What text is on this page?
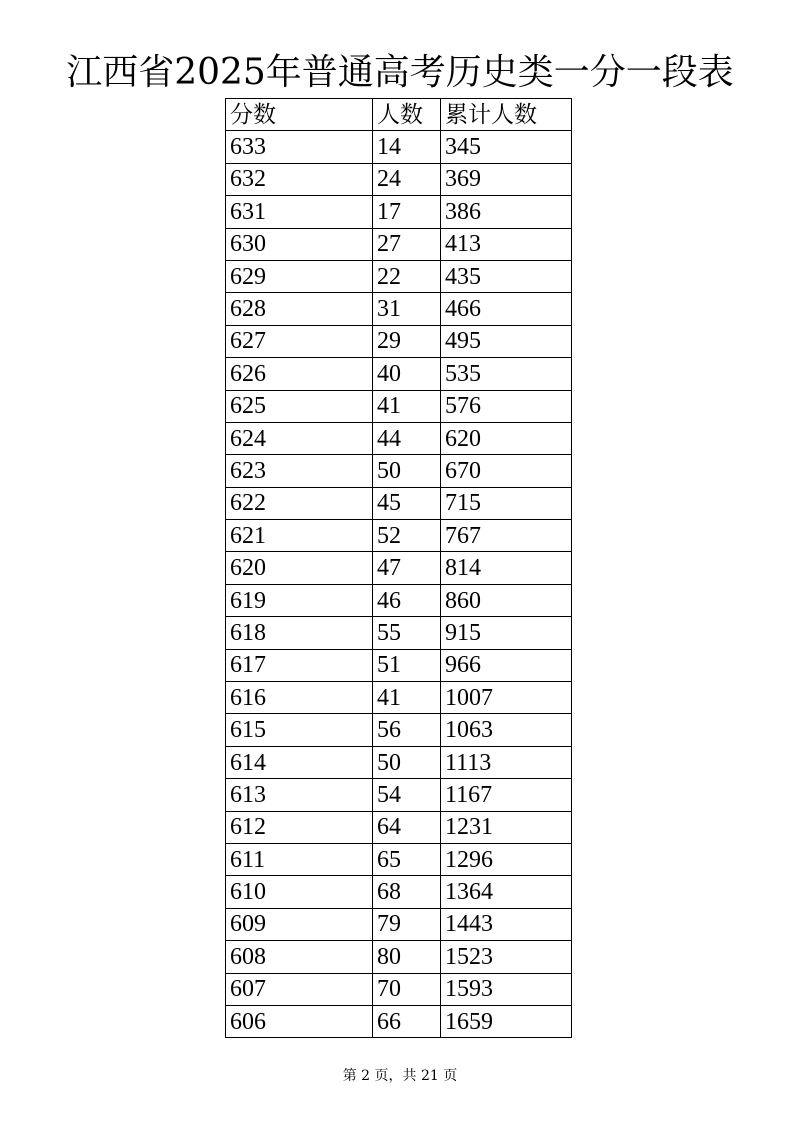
江西省2025年普通高考历史类一分一段表
分数	人数	累计人数
633	14	345
632	24	369
631	17	386
630	27	413
629	22	435
628	31	466
627	29	495
626	40	535
625	41	576
624	44	620
623	50	670
622	45	715
621	52	767
620	47	814
619	46	860
618	55	915
617	51	966
616	41	1007
615	56	1063
614	50	1113
613	54	1167
612	64	1231
611	65	1296
610	68	1364
609	79	1443
608	80	1523
607	70	1593
606	66	1659
第 2 页，共 21 页
